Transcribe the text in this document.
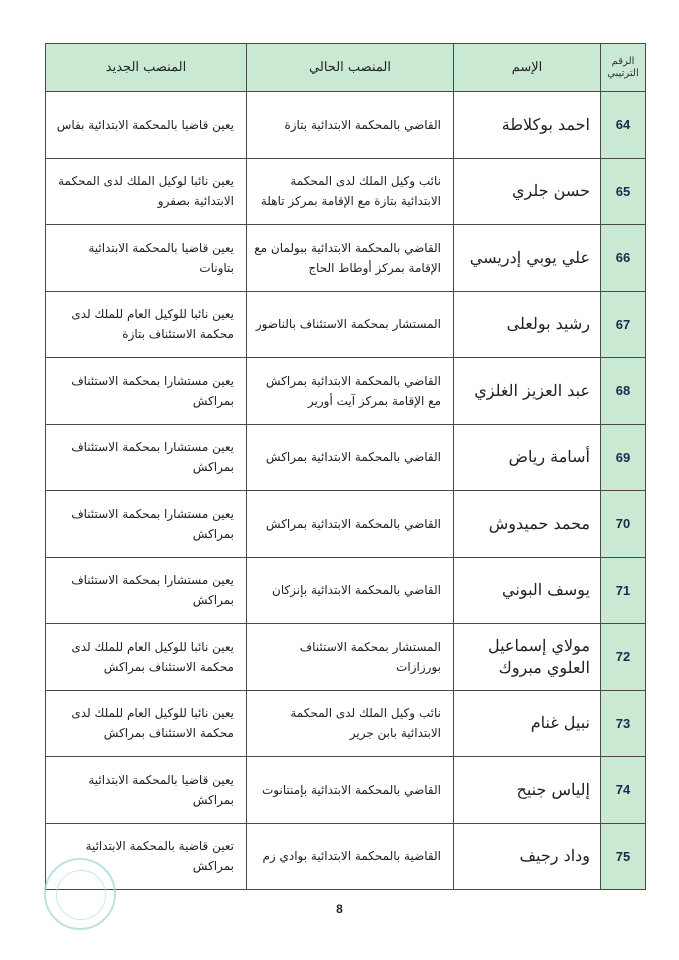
الرقم الترتيبي	الإسم	المنصب الحالي	المنصب الجديد
64	احمد بوكلاطة	القاضي بالمحكمة الابتدائية بتازة	يعين قاضيا بالمحكمة الابتدائية بفاس
65	حسن جلري	نائب وكيل الملك لدى المحكمة الابتدائية بتازة مع الإقامة بمركز تاهلة	يعين نائبا لوكيل الملك لدى المحكمة الابتدائية بصفرو
66	علي يوبي إدريسي	القاضي بالمحكمة الابتدائية ببولمان مع الإقامة بمركز أوطاط الحاج	يعين قاضيا بالمحكمة الابتدائية بتاونات
67	رشيد بولعلى	المستشار بمحكمة الاستئناف بالناضور	يعين نائبا للوكيل العام للملك لدى محكمة الاستئناف بتازة
68	عبد العزيز الغلزي	القاضي بالمحكمة الابتدائية بمراكش مع الإقامة بمركز آيت أورير	يعين مستشارا بمحكمة الاستئناف بمراكش
69	أسامة رياض	القاضي بالمحكمة الابتدائية بمراكش	يعين مستشارا بمحكمة الاستئناف بمراكش
70	محمد حميدوش	القاضي بالمحكمة الابتدائية بمراكش	يعين مستشارا بمحكمة الاستئناف بمراكش
71	يوسف البوني	القاضي بالمحكمة الابتدائية بإنزكان	يعين مستشارا بمحكمة الاستئناف بمراكش
72	مولاي إسماعيل العلوي مبروك	المستشار بمحكمة الاستئناف بورزازات	يعين نائبا للوكيل العام للملك لدى محكمة الاستئناف بمراكش
73	نبيل غنام	نائب وكيل الملك لدى المحكمة الابتدائية بابن جرير	يعين نائبا للوكيل العام للملك لدى محكمة الاستئناف بمراكش
74	إلياس جنيح	القاضي بالمحكمة الابتدائية بإمنتانوت	يعين قاضيا بالمحكمة الابتدائية بمراكش
75	وداد رجيف	القاضية بالمحكمة الابتدائية بوادي زم	تعين قاضية بالمحكمة الابتدائية بمراكش
8
